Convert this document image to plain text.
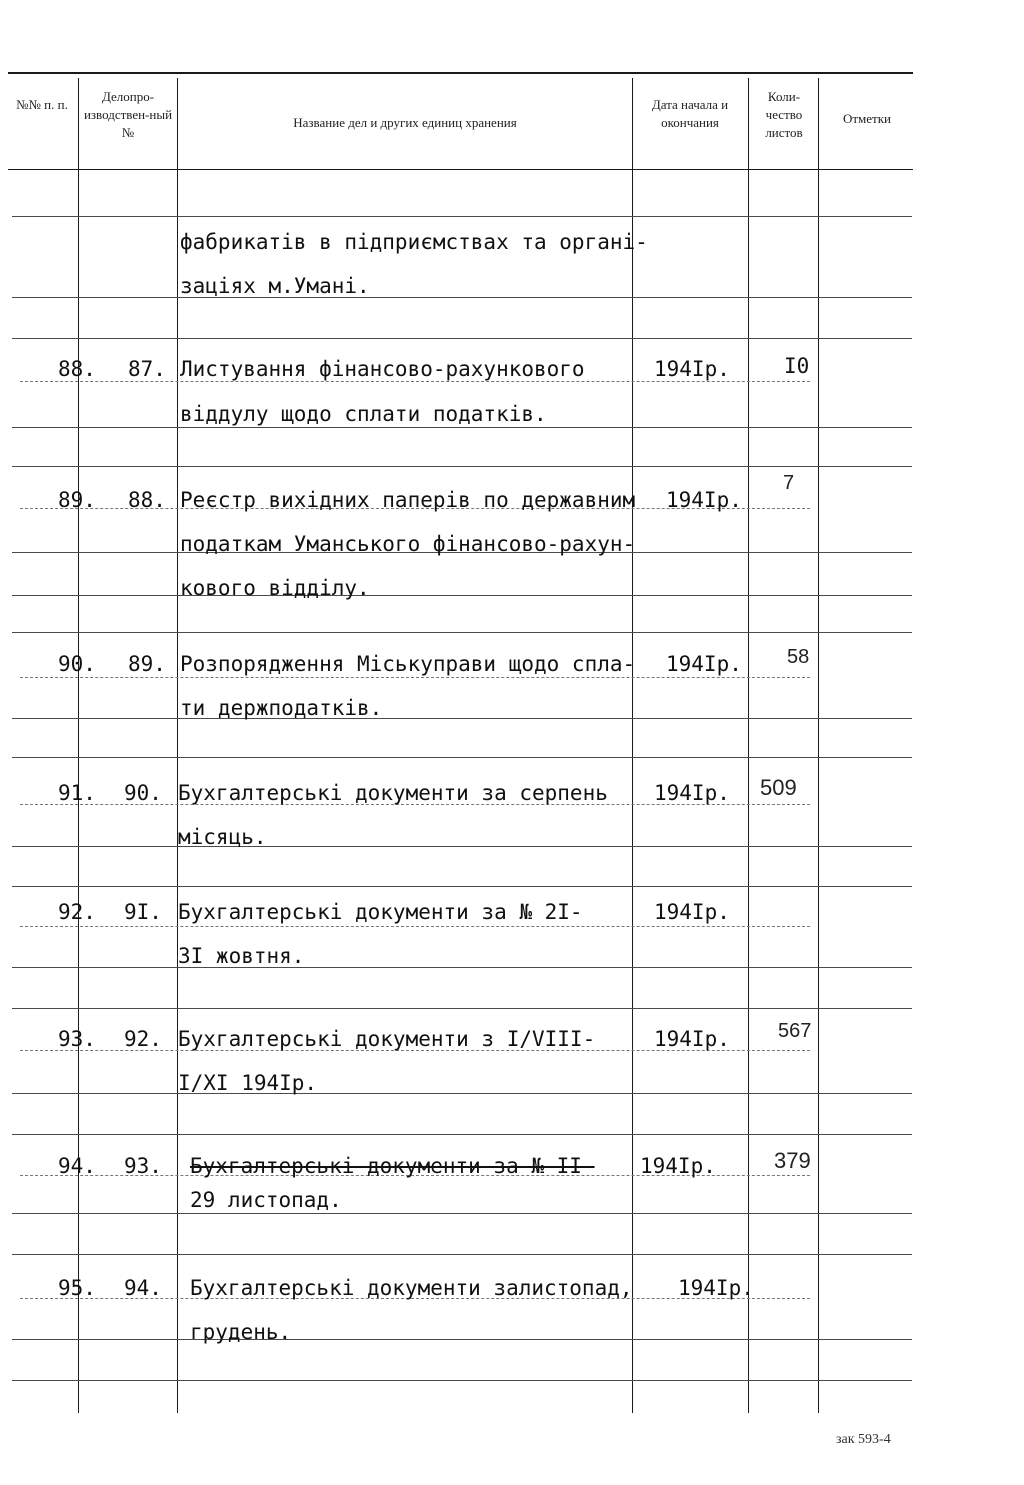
№№ п. п.
Делопро-изводствен-ный №
Название дел и других единиц хранения
Дата начала и окончания
Коли-чество листов
Отметки
фабрикатів в підприємствах та органі-
заціях м.Умані.
88. 87. Листування фінансово-рахункового
віддулу щодо сплати податків.
194Iр.	I0
89. 88. Реєстр вихідних паперів по державним
податкам Уманського фінансово-рахун-
кового відділу.
194Iр.
7
90. 89. Розпорядження Міськуправи щодо спла-
ти держподатків.
194Iр. 58
91. 90. Бухгалтерські документи за серпень
місяць.
194Iр. 509
92. 9I. Бухгалтерські документи за № 2I-
3I жовтня.
194Iр.
93. 92. Бухгалтерські документи з I/VIII-
I/XI 194Iр.
194Iр. 567
94. 93. Бухгалтерські документи за № II-
29 листопад.
194Iр.	379
95. 94. Бухгалтерські документи залистопад,
грудень.
194Iр.
зак 593-4
